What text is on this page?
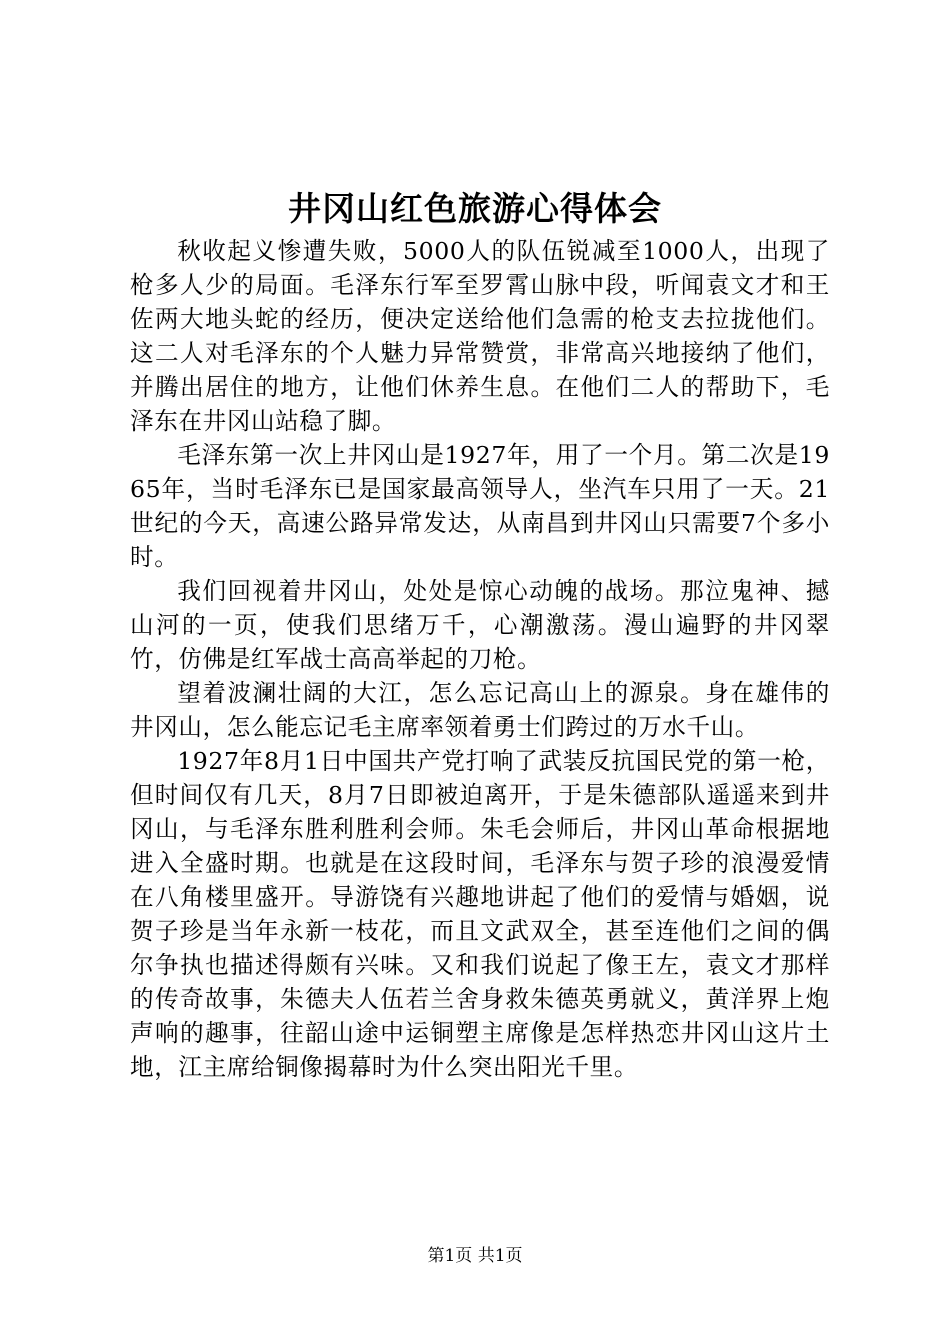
井冈山红色旅游心得体会

秋收起义惨遭失败，5000人的队伍锐减至1000人，出现了枪多人少的局面。毛泽东行军至罗霄山脉中段，听闻袁文才和王佐两大地头蛇的经历，便决定送给他们急需的枪支去拉拢他们。这二人对毛泽东的个人魅力异常赞赏，非常高兴地接纳了他们，并腾出居住的地方，让他们休养生息。在他们二人的帮助下，毛泽东在井冈山站稳了脚。

毛泽东第一次上井冈山是1927年，用了一个月。第二次是1965年，当时毛泽东已是国家最高领导人，坐汽车只用了一天。21世纪的今天，高速公路异常发达，从南昌到井冈山只需要7个多小时。

我们回视着井冈山，处处是惊心动魄的战场。那泣鬼神、撼山河的一页，使我们思绪万千，心潮激荡。漫山遍野的井冈翠竹，仿佛是红军战士高高举起的刀枪。

望着波澜壮阔的大江，怎么忘记高山上的源泉。身在雄伟的井冈山，怎么能忘记毛主席率领着勇士们跨过的万水千山。

1927年8月1日中国共产党打响了武装反抗国民党的第一枪，但时间仅有几天，8月7日即被迫离开，于是朱德部队遥遥来到井冈山，与毛泽东胜利胜利会师。朱毛会师后，井冈山革命根据地进入全盛时期。也就是在这段时间，毛泽东与贺子珍的浪漫爱情在八角楼里盛开。导游饶有兴趣地讲起了他们的爱情与婚姻，说贺子珍是当年永新一枝花，而且文武双全，甚至连他们之间的偶尔争执也描述得颇有兴味。又和我们说起了像王左，袁文才那样的传奇故事，朱德夫人伍若兰舍身救朱德英勇就义，黄洋界上炮声响的趣事，往韶山途中运铜塑主席像是怎样热恋井冈山这片土地，江主席给铜像揭幕时为什么突出阳光千里。

第1页 共1页
